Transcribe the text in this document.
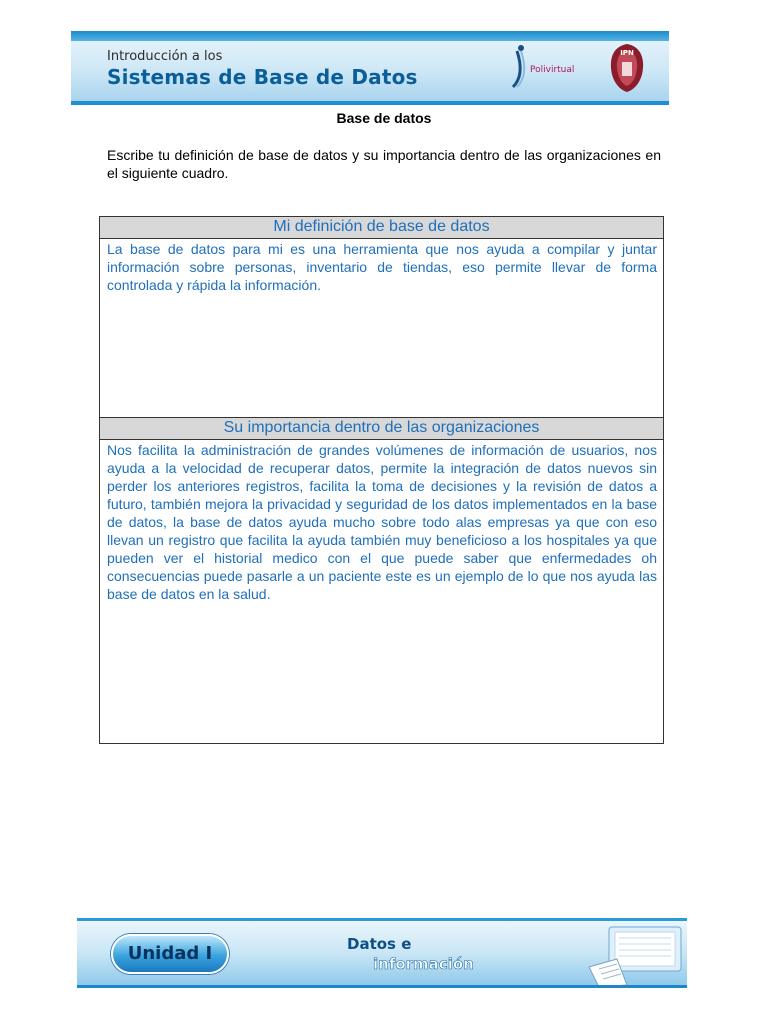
Introducción a los
Sistemas de Base de Datos	Polivirtual
IPN
Base de datos
Escribe tu definición de base de datos y su importancia dentro de las organizaciones en el siguiente cuadro.
Mi definición de base de datos
La base de datos para mi es una herramienta que nos ayuda a compilar y juntar información sobre personas, inventario de tiendas, eso permite llevar de forma controlada y rápida la información.
Su importancia dentro de las organizaciones
Nos facilita la administración de grandes volúmenes de información de usuarios, nos ayuda a la velocidad de recuperar datos, permite la integración de datos nuevos sin perder los anteriores registros, facilita la toma de decisiones y la revisión de datos a futuro, también mejora la privacidad y seguridad de los datos implementados en la base de datos, la base de datos ayuda mucho sobre todo alas empresas ya que con eso llevan un registro que facilita la ayuda también muy beneficioso a los hospitales ya que pueden ver el historial medico con el que puede saber que enfermedades oh consecuencias puede pasarle a un paciente este es un ejemplo de lo que nos ayuda las base de datos en la salud.
Unidad I	Datos e
información
